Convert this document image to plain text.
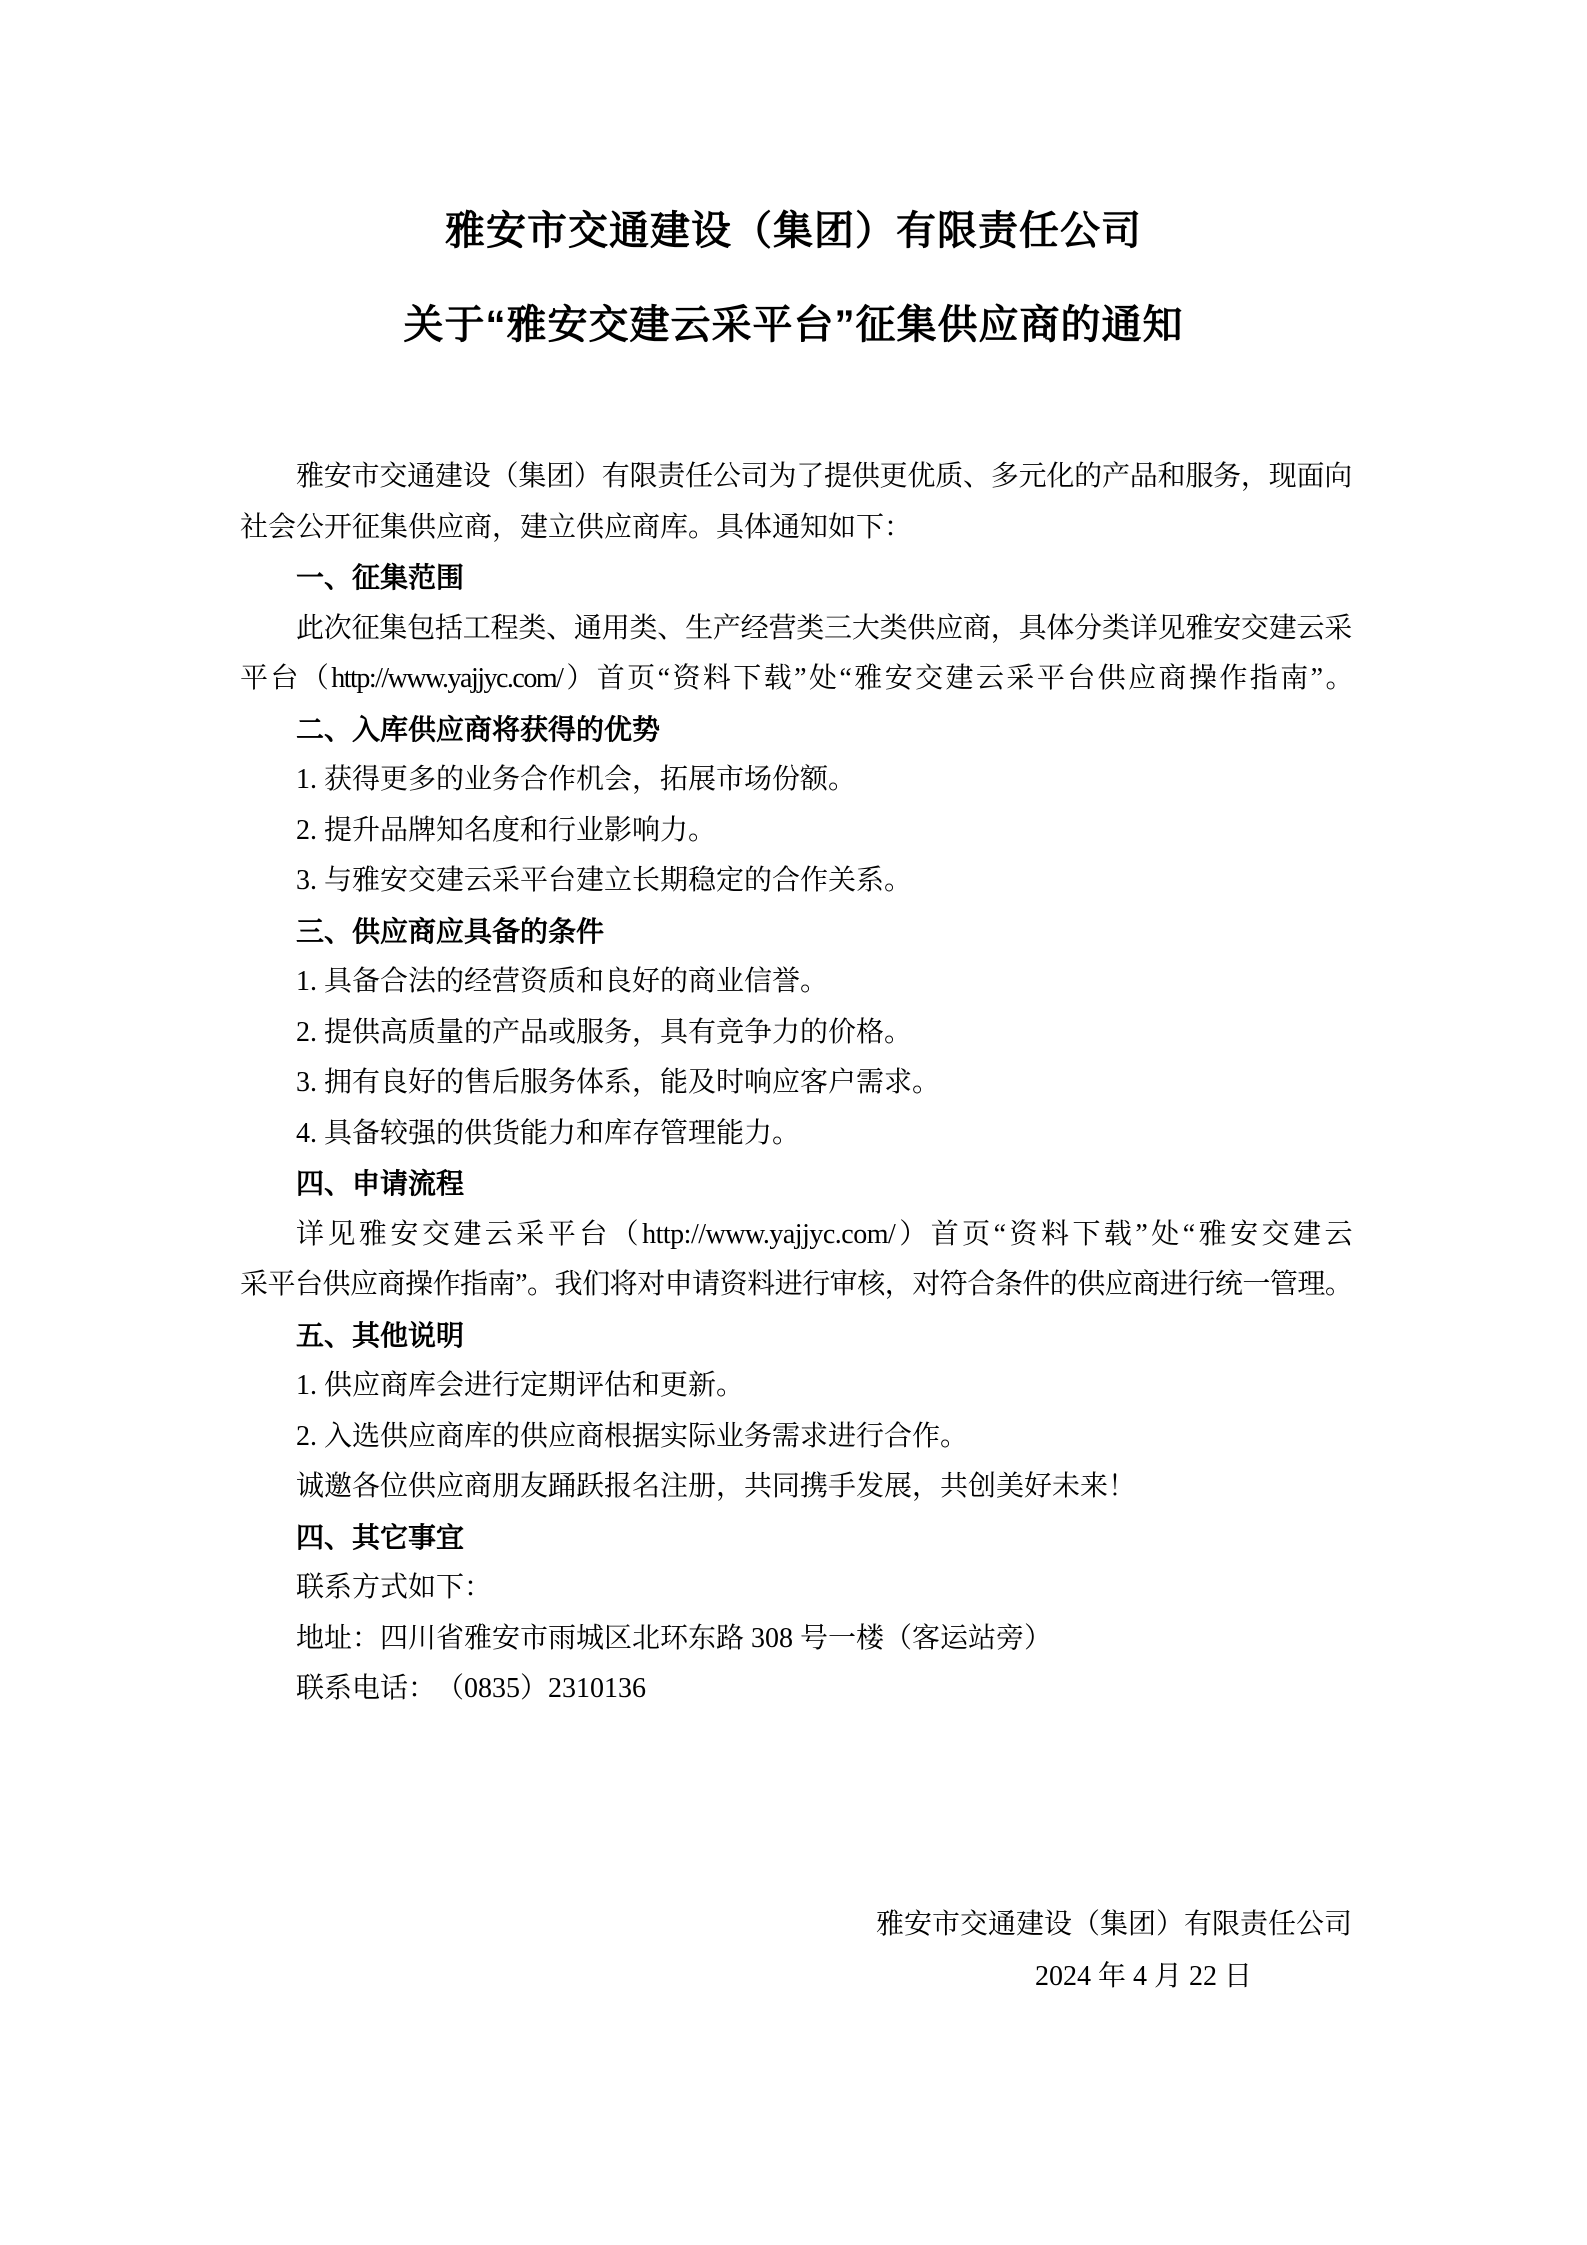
雅安市交通建设（集团）有限责任公司
关于“雅安交建云采平台”征集供应商的通知
雅安市交通建设（集团）有限责任公司为了提供更优质、多元化的产品和服务，现面向
社会公开征集供应商，建立供应商库。具体通知如下：
一、征集范围
此次征集包括工程类、通用类、生产经营类三大类供应商，具体分类详见雅安交建云采
平台（http://www.yajjyc.com/）首页“资料下载”处“雅安交建云采平台供应商操作指南”。
二、入库供应商将获得的优势
1. 获得更多的业务合作机会，拓展市场份额。
2. 提升品牌知名度和行业影响力。
3. 与雅安交建云采平台建立长期稳定的合作关系。
三、供应商应具备的条件
1. 具备合法的经营资质和良好的商业信誉。
2. 提供高质量的产品或服务，具有竞争力的价格。
3. 拥有良好的售后服务体系，能及时响应客户需求。
4. 具备较强的供货能力和库存管理能力。
四、申请流程
详见雅安交建云采平台（http://www.yajjyc.com/）首页“资料下载”处“雅安交建云
采平台供应商操作指南”。我们将对申请资料进行审核，对符合条件的供应商进行统一管理。
五、其他说明
1. 供应商库会进行定期评估和更新。
2. 入选供应商库的供应商根据实际业务需求进行合作。
诚邀各位供应商朋友踊跃报名注册，共同携手发展，共创美好未来！
四、其它事宜
联系方式如下：
地址：四川省雅安市雨城区北环东路 308 号一楼（客运站旁）
联系电话：　（0835）2310136
雅安市交通建设（集团）有限责任公司
2024 年 4 月 22 日
